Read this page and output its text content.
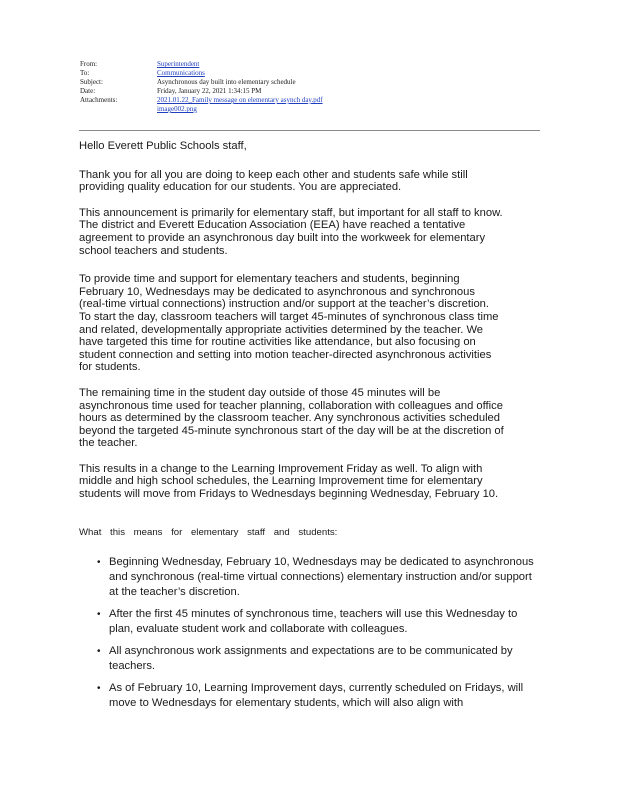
From:	Superintendent
To:	Communications
Subject:	Asynchronous day built into elementary schedule
Date:	Friday, January 22, 2021 1:34:15 PM
Attachments:	2021.01.22_Family message on elementary asynch day.pdf
image002.png

Hello Everett Public Schools staff,

Thank you for all you are doing to keep each other and students safe while still
providing quality education for our students. You are appreciated.
This announcement is primarily for elementary staff, but important for all staff to know.
The district and Everett Education Association (EEA) have reached a tentative
agreement to provide an asynchronous day built into the workweek for elementary
school teachers and students.
To provide time and support for elementary teachers and students, beginning
February 10, Wednesdays may be dedicated to asynchronous and synchronous
(real-time virtual connections) instruction and/or support at the teacher’s discretion.
To start the day, classroom teachers will target 45-minutes of synchronous class time
and related, developmentally appropriate activities determined by the teacher. We
have targeted this time for routine activities like attendance, but also focusing on
student connection and setting into motion teacher-directed asynchronous activities
for students.
The remaining time in the student day outside of those 45 minutes will be
asynchronous time used for teacher planning, collaboration with colleagues and office
hours as determined by the classroom teacher. Any synchronous activities scheduled
beyond the targeted 45-minute synchronous start of the day will be at the discretion of
the teacher.
This results in a change to the Learning Improvement Friday as well. To align with
middle and high school schedules, the Learning Improvement time for elementary
students will move from Fridays to Wednesdays beginning Wednesday, February 10.
What this means for elementary staff and students:
• Beginning Wednesday, February 10, Wednesdays may be dedicated to asynchronous and synchronous (real-time virtual connections) elementary instruction and/or support at the teacher’s discretion.
• After the first 45 minutes of synchronous time, teachers will use this Wednesday to plan, evaluate student work and collaborate with colleagues.
• All asynchronous work assignments and expectations are to be communicated by teachers.
• As of February 10, Learning Improvement days, currently scheduled on Fridays, will move to Wednesdays for elementary students, which will also align with
